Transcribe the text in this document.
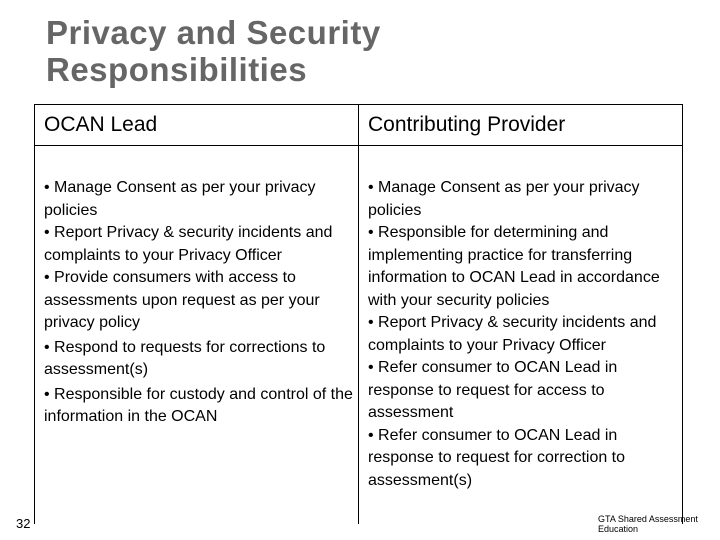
Privacy and Security
Responsibilities
OCAN Lead	Contributing Provider
• Manage Consent as per your privacy policies
• Report Privacy & security incidents and complaints to your Privacy Officer
• Provide consumers with access to assessments upon request as per your privacy policy
• Respond to requests for corrections to assessment(s)
• Responsible for custody and control of the information in the OCAN
• Manage Consent as per your privacy policies
• Responsible for determining and implementing practice for transferring information to OCAN Lead in accordance with your security policies
• Report Privacy & security incidents and complaints to your Privacy Officer
• Refer consumer to OCAN Lead in response to request for access to assessment
• Refer consumer to OCAN Lead in response to request for correction to assessment(s)
32	GTA Shared Assessment
Education
